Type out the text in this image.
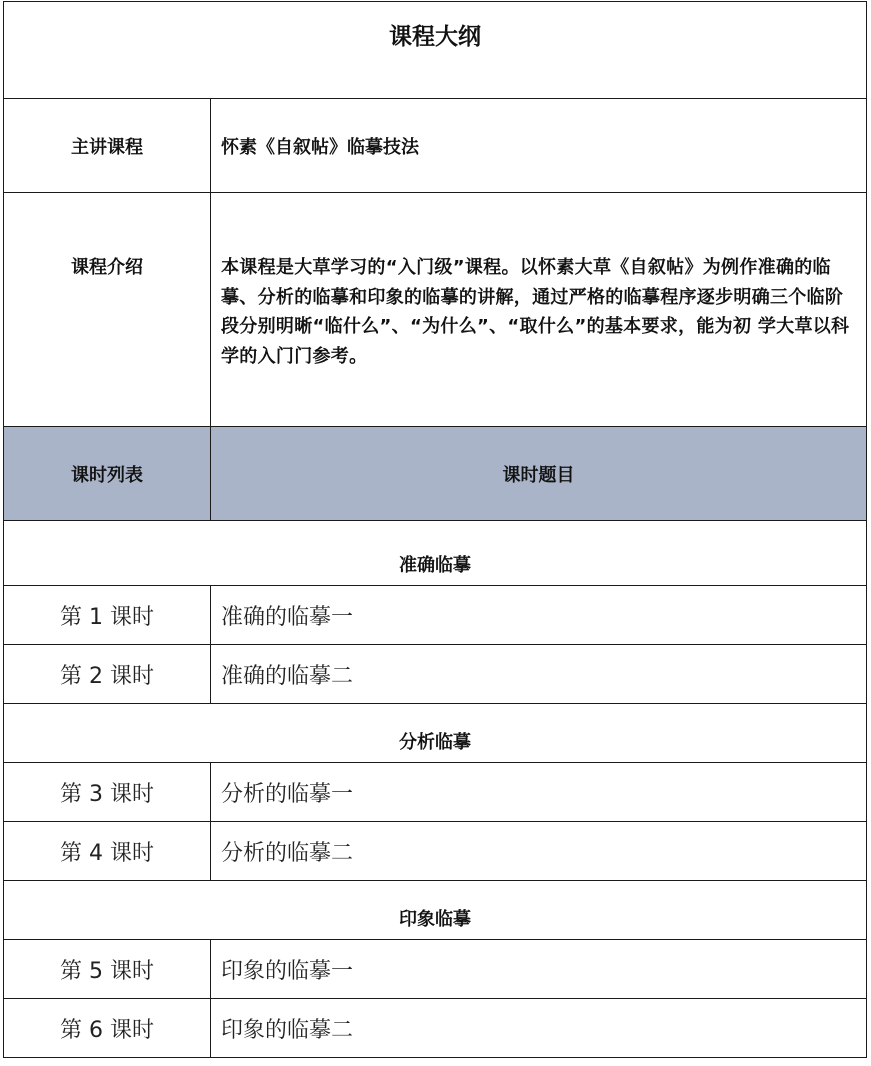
课程大纲	
主讲课程	怀素《自叙帖》临摹技法
课程介绍	本课程是大草学习的“入门级”课程。以怀素大草《自叙帖》为例作准确的临摹、分析的临摹和印象的临摹的讲解，通过严格的临摹程序逐步明确三个临阶段分别明晰“临什么”、“为什么”、“取什么”的基本要求，能为初 学大草以科学的入门门参考。
课时列表	课时题目
准确临摹	
第 1 课时	准确的临摹一
第 2 课时	准确的临摹二
分析临摹	
第 3 课时	分析的临摹一
第 4 课时	分析的临摹二
印象临摹	
第 5 课时	印象的临摹一
第 6 课时	印象的临摹二
